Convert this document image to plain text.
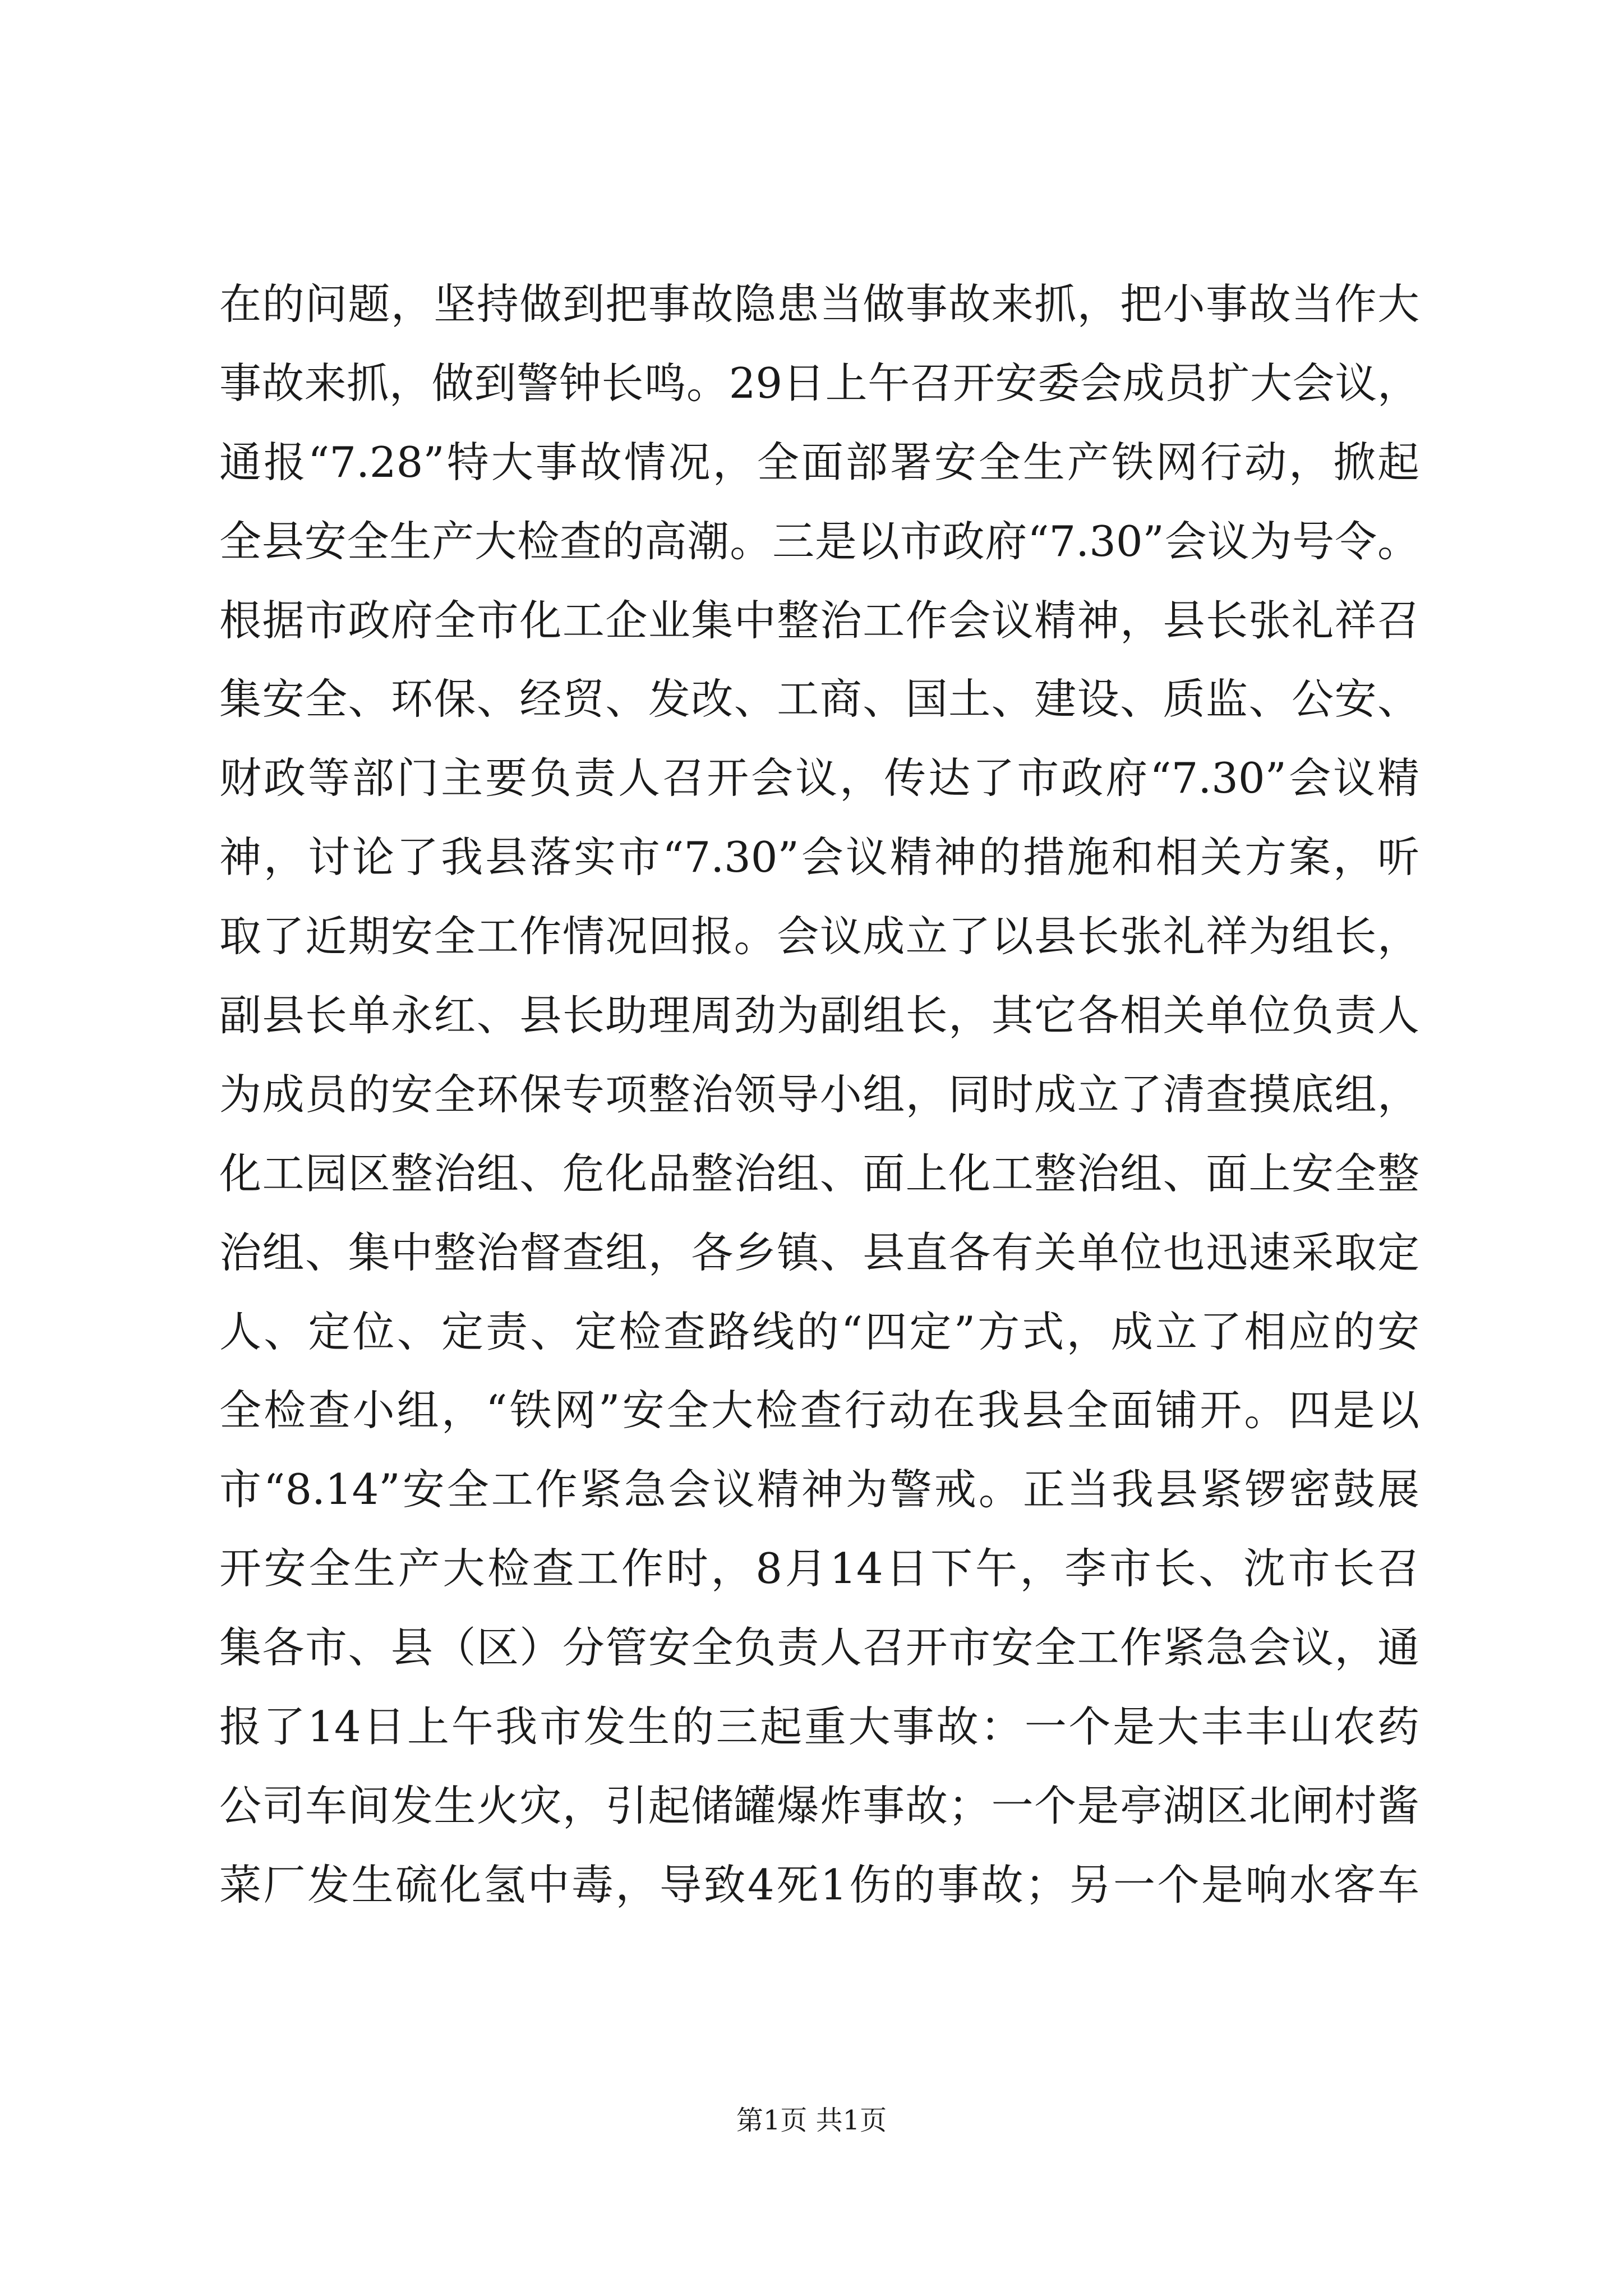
在的问题，坚持做到把事故隐患当做事故来抓，把小事故当作大
事故来抓，做到警钟长鸣。29日上午召开安委会成员扩大会议，
通报“7.28”特大事故情况，全面部署安全生产铁网行动，掀起
全县安全生产大检查的高潮。三是以市政府“7.30”会议为号令。
根据市政府全市化工企业集中整治工作会议精神，县长张礼祥召
集安全、环保、经贸、发改、工商、国土、建设、质监、公安、
财政等部门主要负责人召开会议，传达了市政府“7.30”会议精
神，讨论了我县落实市“7.30”会议精神的措施和相关方案，听
取了近期安全工作情况回报。会议成立了以县长张礼祥为组长，
副县长单永红、县长助理周劲为副组长，其它各相关单位负责人
为成员的安全环保专项整治领导小组，同时成立了清查摸底组，
化工园区整治组、危化品整治组、面上化工整治组、面上安全整
治组、集中整治督查组，各乡镇、县直各有关单位也迅速采取定
人、定位、定责、定检查路线的“四定”方式，成立了相应的安
全检查小组，“铁网”安全大检查行动在我县全面铺开。四是以
市“8.14”安全工作紧急会议精神为警戒。正当我县紧锣密鼓展
开安全生产大检查工作时，8月14日下午，李市长、沈市长召
集各市、县（区）分管安全负责人召开市安全工作紧急会议，通
报了14日上午我市发生的三起重大事故：一个是大丰丰山农药
公司车间发生火灾，引起储罐爆炸事故；一个是亭湖区北闸村酱
菜厂发生硫化氢中毒，导致4死1伤的事故；另一个是响水客车
第1页 共1页
